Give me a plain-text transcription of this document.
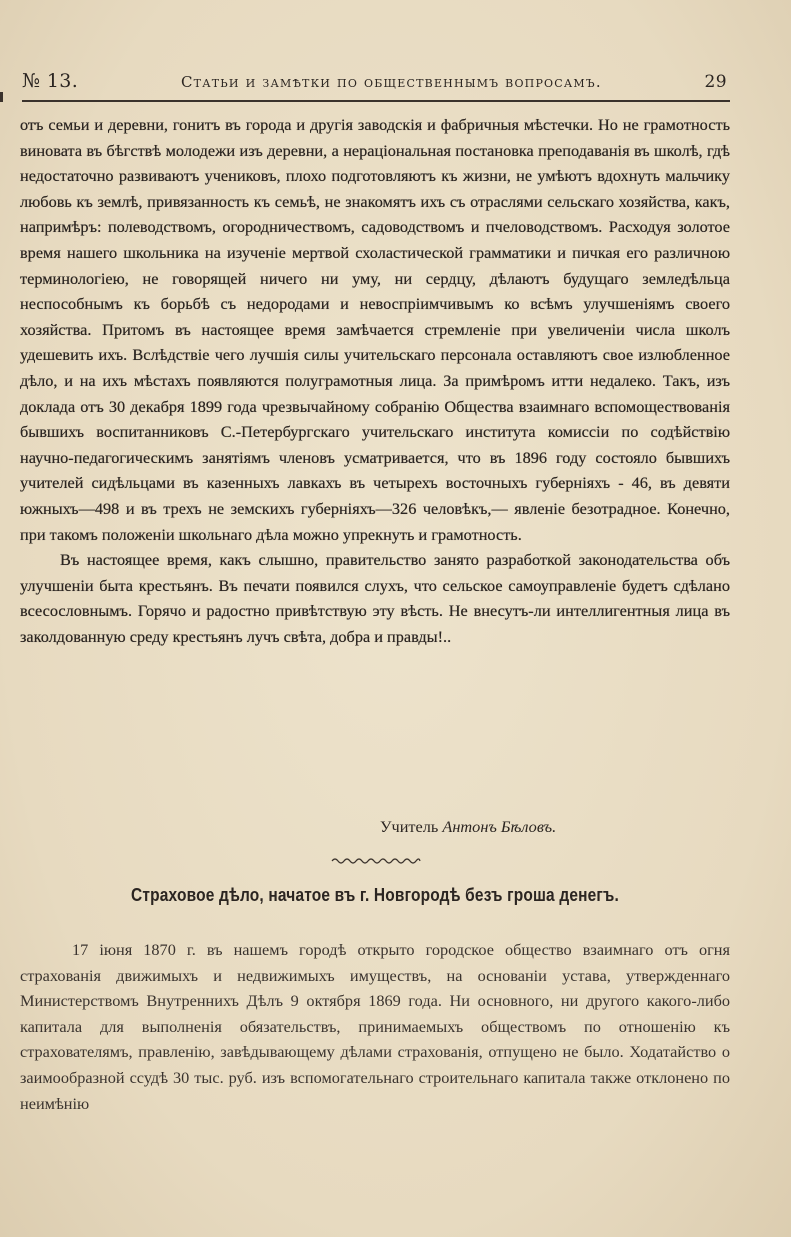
№ 13.	Статьи и замѣтки по общественнымъ вопросамъ.	29

отъ семьи и деревни, гонитъ въ города и другія заводскія и фабричныя мѣстечки. Но не грамотность виновата въ бѣгствѣ молодежи изъ деревни, а нераціональная постановка преподаванія въ школѣ, гдѣ недостаточно развиваютъ учениковъ, плохо подготовляютъ къ жизни, не умѣютъ вдохнуть мальчику любовь къ землѣ, привязанность къ семьѣ, не знакомятъ ихъ съ отраслями сельскаго хозяйства, какъ, напримѣръ: полеводствомъ, огородничествомъ, садоводствомъ и пчеловодствомъ. Расходуя золотое время нашего школьника на изученіе мертвой схоластической грамматики и пичкая его различною терминологіею, не говорящей ничего ни уму, ни сердцу, дѣлаютъ будущаго земледѣльца неспособнымъ къ борьбѣ съ недородами и невоспріимчивымъ ко всѣмъ улучшеніямъ своего хозяйства. Притомъ въ настоящее время замѣчается стремленіе при увеличеніи числа школъ удешевить ихъ. Вслѣдствіе чего лучшія силы учительскаго персонала оставляютъ свое излюбленное дѣло, и на ихъ мѣстахъ появляются полуграмотныя лица. За примѣромъ итти недалеко. Такъ, изъ доклада отъ 30 декабря 1899 года чрезвычайному собранію Общества взаимнаго вспомоществованія бывшихъ воспитанниковъ С.-Петербургскаго учительскаго института комиссіи по содѣйствію научно-педагогическимъ занятіямъ членовъ усматривается, что въ 1896 году состояло бывшихъ учителей сидѣльцами въ казенныхъ лавкахъ въ четырехъ восточныхъ губерніяхъ - 46, въ девяти южныхъ—498 и въ трехъ не земскихъ губерніяхъ—326 человѣкъ,— явленіе безотрадное. Конечно, при такомъ положеніи школьнаго дѣла можно упрекнуть и грамотность.

Въ настоящее время, какъ слышно, правительство занято разработкой законодательства объ улучшеніи быта крестьянъ. Въ печати появился слухъ, что сельское самоуправленіе будетъ сдѣлано всесословнымъ. Горячо и радостно привѣтствую эту вѣсть. Не внесутъ-ли интеллигентныя лица въ заколдованную среду крестьянъ лучъ свѣта, добра и правды!..

Учитель Антонъ Бѣловъ.
Страховое дѣло, начатое въ г. Новгородѣ безъ гроша денегъ.

17 іюня 1870 г. въ нашемъ городѣ открыто городское общество взаимнаго отъ огня страхованія движимыхъ и недвижимыхъ имуществъ, на основаніи устава, утвержденнаго Министерствомъ Внутреннихъ Дѣлъ 9 октября 1869 года. Ни основного, ни другого какого-либо капитала для выполненія обязательствъ, принимаемыхъ обществомъ по отношенію къ страхователямъ, правленію, завѣдывающему дѣлами страхованія, отпущено не было. Ходатайство о заимообразной ссудѣ 30 тыс. руб. изъ вспомогательнаго строительнаго капитала также отклонено по неимѣнію
